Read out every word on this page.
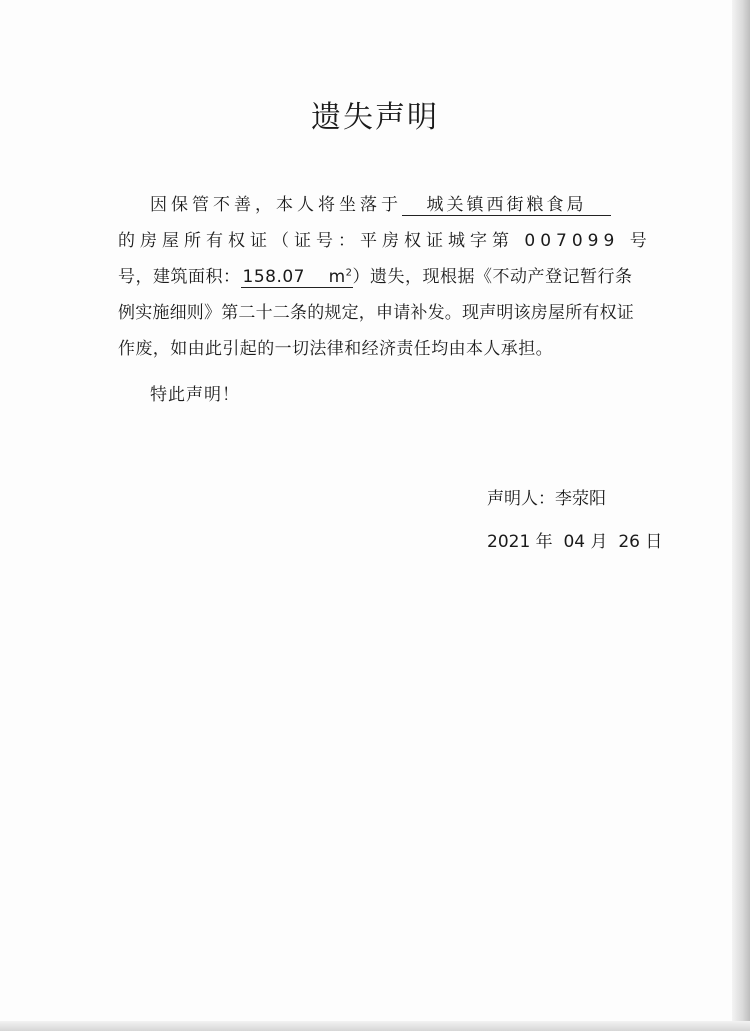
遗失声明
因保管不善，本人将坐落于 城关镇西街粮食局
的房屋所有权证（证号：平房权证城字第 007099 号
号，建筑面积： 158.07 $m^2$）遗失，现根据《不动产登记暂行条
例实施细则》第二十二条的规定，申请补发。现声明该房屋所有权证
作废，如由此引起的一切法律和经济责任均由本人承担。
特此声明！
声明人：李荥阳
2021 年  04 月  26 日
